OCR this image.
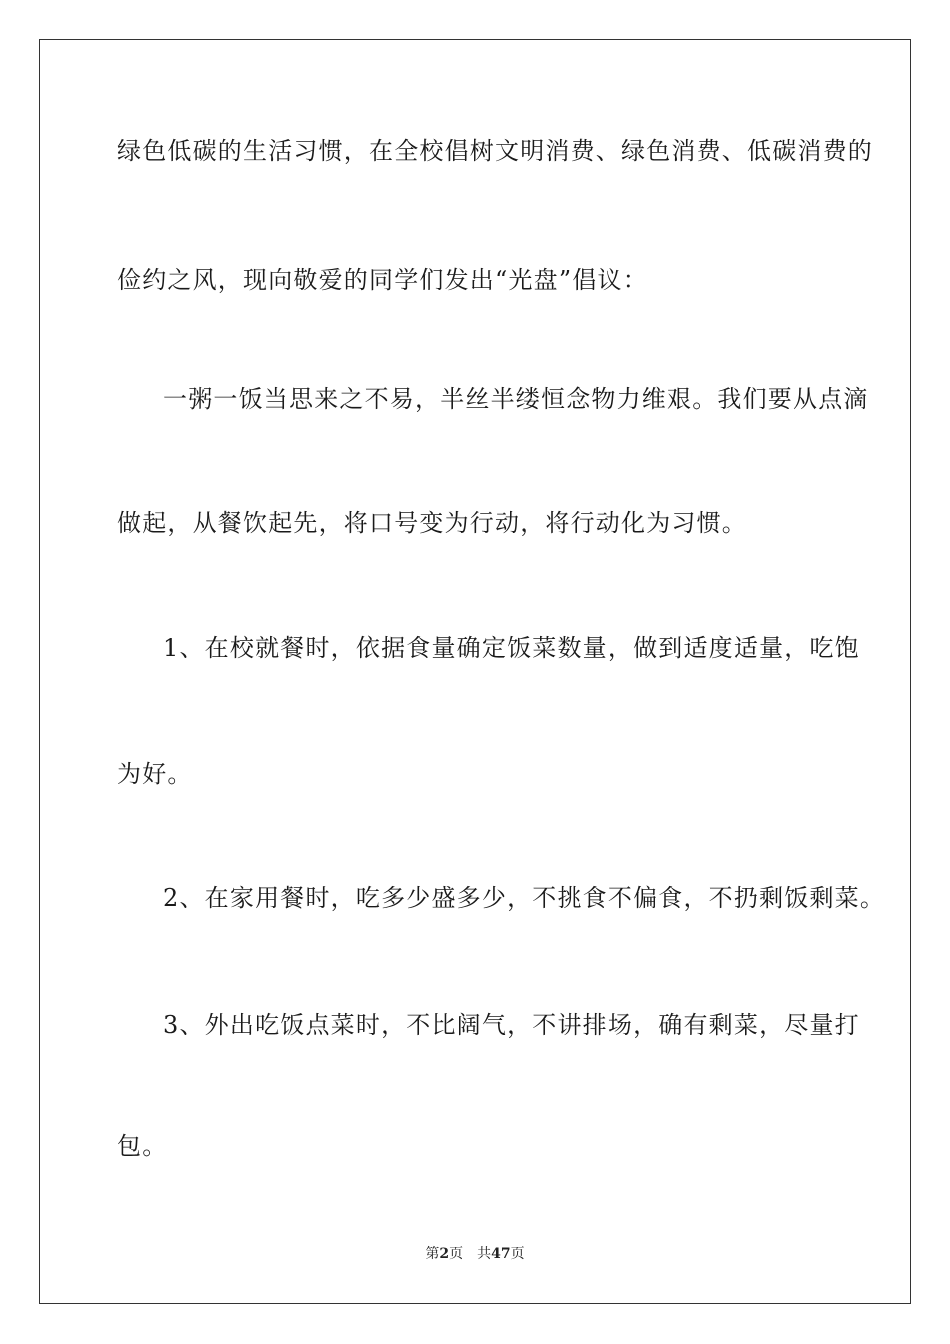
绿色低碳的生活习惯，在全校倡树文明消费、绿色消费、低碳消费的
俭约之风，现向敬爱的同学们发出“光盘”倡议：
一粥一饭当思来之不易，半丝半缕恒念物力维艰。我们要从点滴
做起，从餐饮起先，将口号变为行动，将行动化为习惯。
1、在校就餐时，依据食量确定饭菜数量，做到适度适量，吃饱
为好。
2、在家用餐时，吃多少盛多少，不挑食不偏食，不扔剩饭剩菜。
3、外出吃饭点菜时，不比阔气，不讲排场，确有剩菜，尽量打
包。
第2页 共47页
